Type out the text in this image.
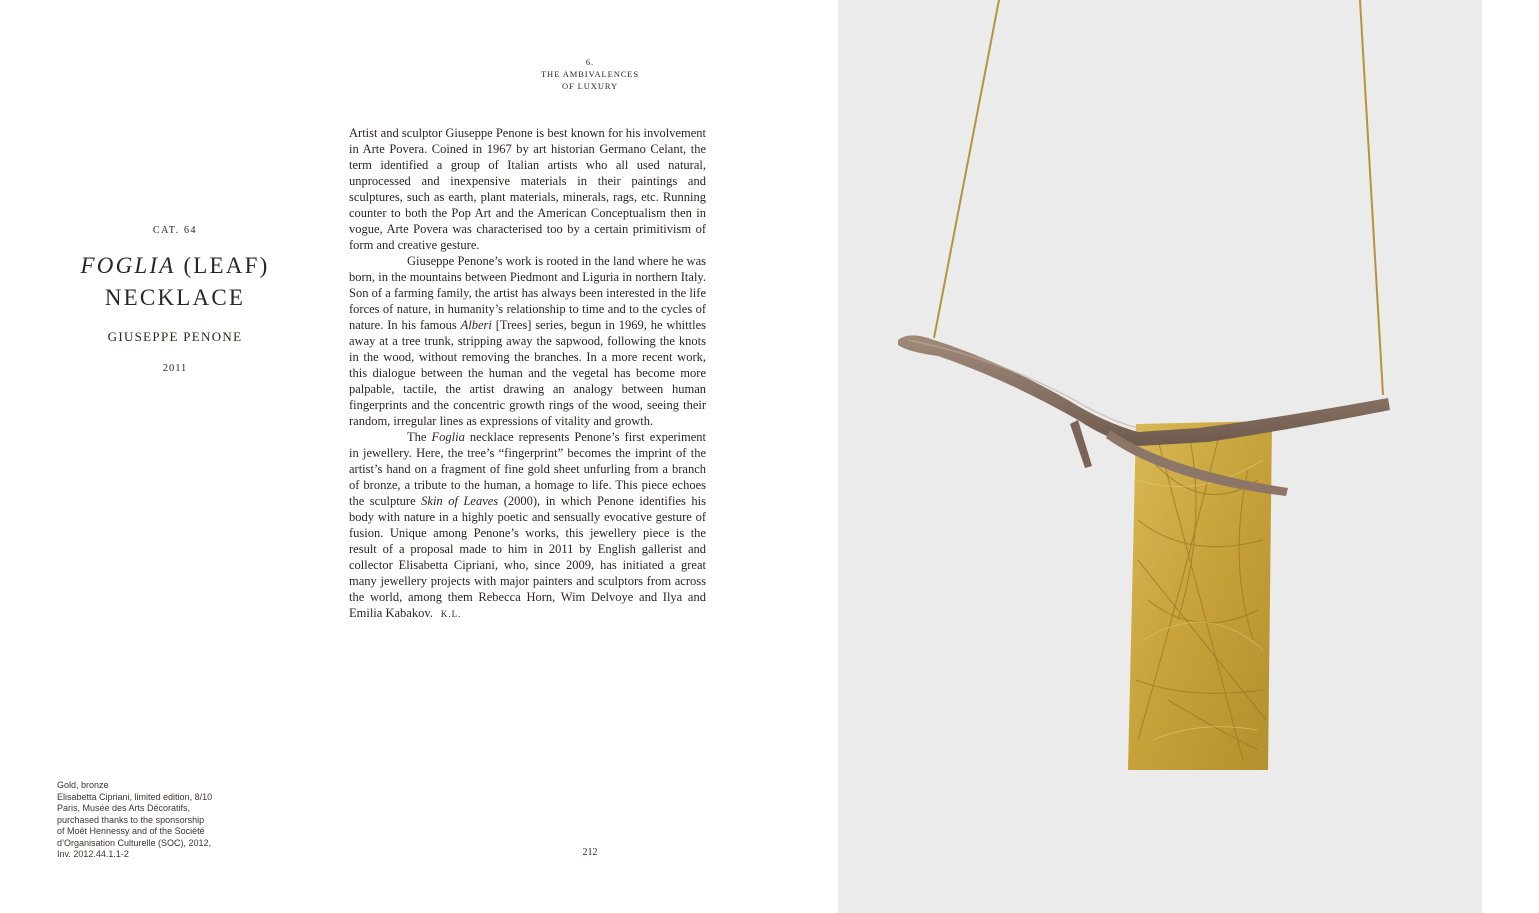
6.
THE AMBIVALENCES
OF LUXURY
CAT. 64
FOGLIA (LEAF)
NECKLACE
GIUSEPPE PENONE
2011

Artist and sculptor Giuseppe Penone is best known for his involvement in Arte Povera. Coined in 1967 by art historian Germano Celant, the term identified a group of Italian artists who all used natural, unprocessed and inexpensive materials in their paintings and sculptures, such as earth, plant materials, minerals, rags, etc. Running counter to both the Pop Art and the American Conceptualism then in vogue, Arte Povera was characterised too by a certain primitivism of form and creative gesture.

Giuseppe Penone’s work is rooted in the land where he was born, in the mountains between Piedmont and Liguria in northern Italy. Son of a farming family, the artist has always been interested in the life forces of nature, in humanity’s relationship to time and to the cycles of nature. In his famous Alberi [Trees] series, begun in 1969, he whittles away at a tree trunk, stripping away the sapwood, following the knots in the wood, without removing the branches. In a more recent work, this dialogue between the human and the vegetal has become more palpable, tactile, the artist drawing an analogy between human fingerprints and the concentric growth rings of the wood, seeing their random, irregular lines as expressions of vitality and growth.

The Foglia necklace represents Penone’s first experiment in jewellery. Here, the tree’s “fingerprint” becomes the imprint of the artist’s hand on a fragment of fine gold sheet unfurling from a branch of bronze, a tribute to the human, a homage to life. This piece echoes the sculpture Skin of Leaves (2000), in which Penone identifies his body with nature in a highly poetic and sensually evocative gesture of fusion. Unique among Penone’s works, this jewellery piece is the result of a proposal made to him in 2011 by English gallerist and collector Elisabetta Cipriani, who, since 2009, has initiated a great many jewellery projects with major painters and sculptors from across the world, among them Rebecca Horn, Wim Delvoye and Ilya and Emilia Kabakov. K.L.

Gold, bronze
Elisabetta Cipriani, limited edition, 8/10
Paris, Musée des Arts Décoratifs,
purchased thanks to the sponsorship
of Moët Hennessy and of the Société
d’Organisation Culturelle (SOC), 2012,
Inv. 2012.44.1.1-2	212
